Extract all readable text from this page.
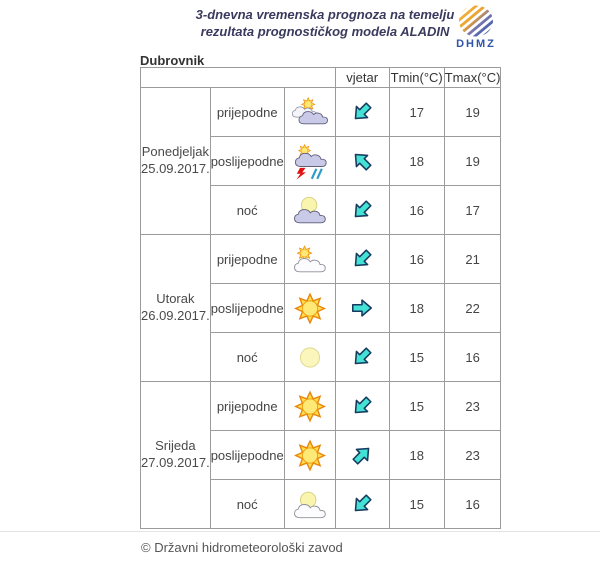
3-dnevna vremenska prognoza na temelju
rezultata prognostičkog modela ALADIN
DHMZ
Dubrovnik
			vjetar	Tmin(°C)	Tmax(°C)

Ponedjeljak
25.09.2017.	prijepodne			17	19
	poslijepodne			18	19
	noć			16	17

Utorak
26.09.2017.	prijepodne			16	21
	poslijepodne			18	22
	noć			15	16

Srijeda
27.09.2017.	prijepodne			15	23
	poslijepodne			18	23
	noć			15	16
© Državni hidrometeorološki zavod
